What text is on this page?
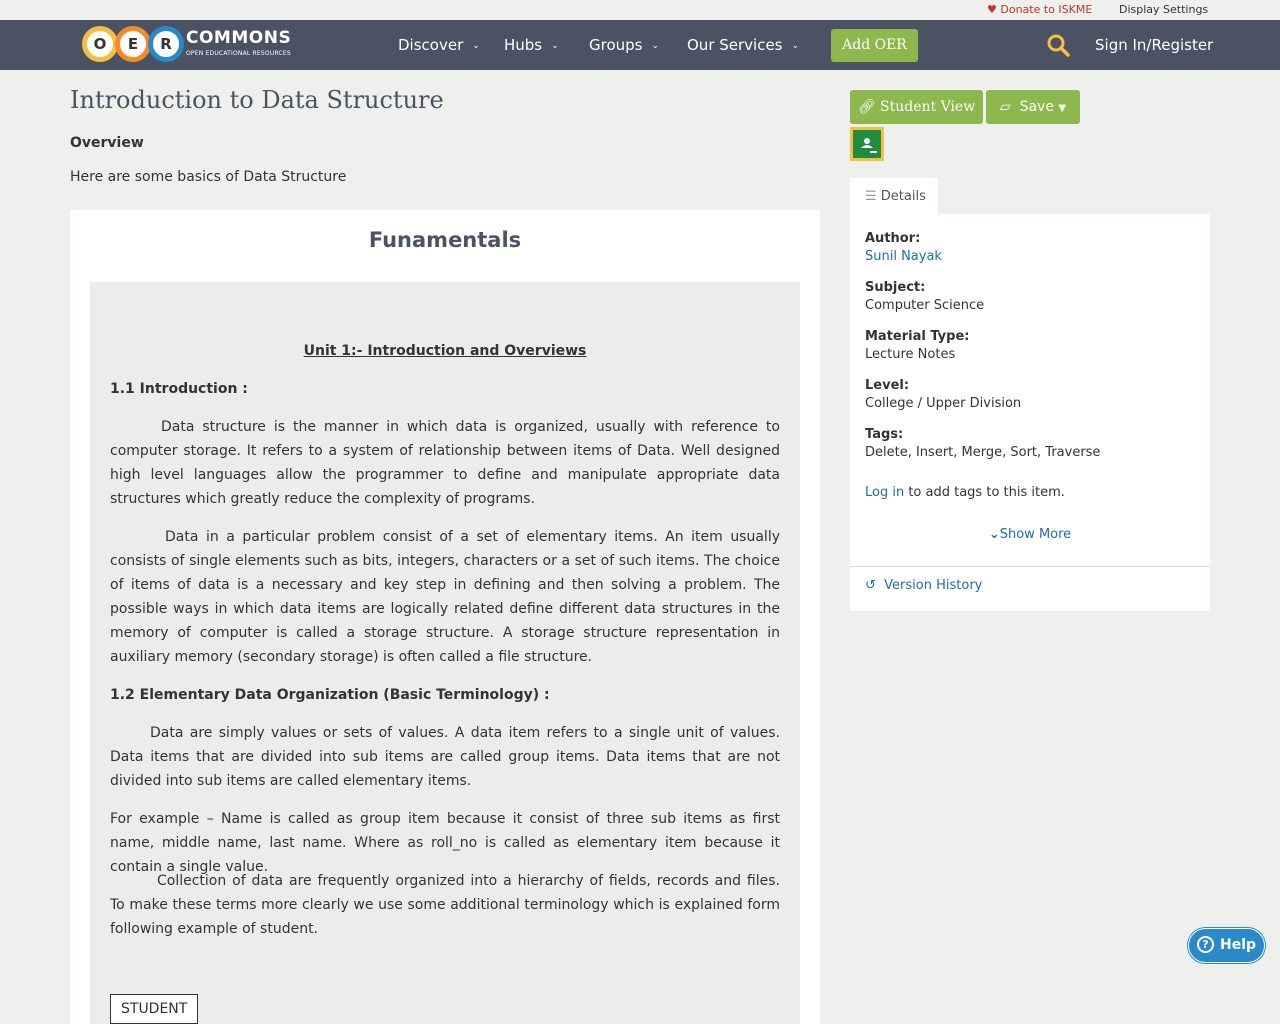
♥ Donate to ISKME Display Settings
O	E	R COMMONS
OPEN EDUCATIONAL RESOURCES	Discover ⌄ Hubs ⌄ Groups ⌄ Our Services ⌄	Add OER	Sign In/Register
Introduction to Data Structure
Overview
Here are some basics of Data Structure
Funamentals
Unit 1:- Introduction and Overviews
1.1 Introduction :
Data structure is the manner in which data is organized, usually with reference to computer storage. It refers to a system of relationship between items of Data. Well designed high level languages allow the programmer to define and manipulate appropriate data structures which greatly reduce the complexity of programs.
Data in a particular problem consist of a set of elementary items. An item usually consists of single elements such as bits, integers, characters or a set of such items. The choice of items of data is a necessary and key step in defining and then solving a problem. The possible ways in which data items are logically related define different data structures in the memory of computer is called a storage structure. A storage structure representation in auxiliary memory (secondary storage) is often called a file structure.
1.2 Elementary Data Organization (Basic Terminology) :
Data are simply values or sets of values. A data item refers to a single unit of values. Data items that are divided into sub items are called group items. Data items that are not divided into sub items are called elementary items.
For example – Name is called as group item because it consist of three sub items as first name, middle name, last name. Where as roll_no is called as elementary item because it contain a single value.
Collection of data are frequently organized into a hierarchy of fields, records and files. To make these terms more clearly we use some additional terminology which is explained form following example of student.
STUDENT
🔗︎ Student View	▱ Save ▼
☰ Details
Author:
Sunil Nayak
Subject:
Computer Science
Material Type:
Lecture Notes
Level:
College / Upper Division
Tags:
Delete, Insert, Merge, Sort, Traverse
Log in to add tags to this item.
⌄Show More
↺ Version History
? Help
